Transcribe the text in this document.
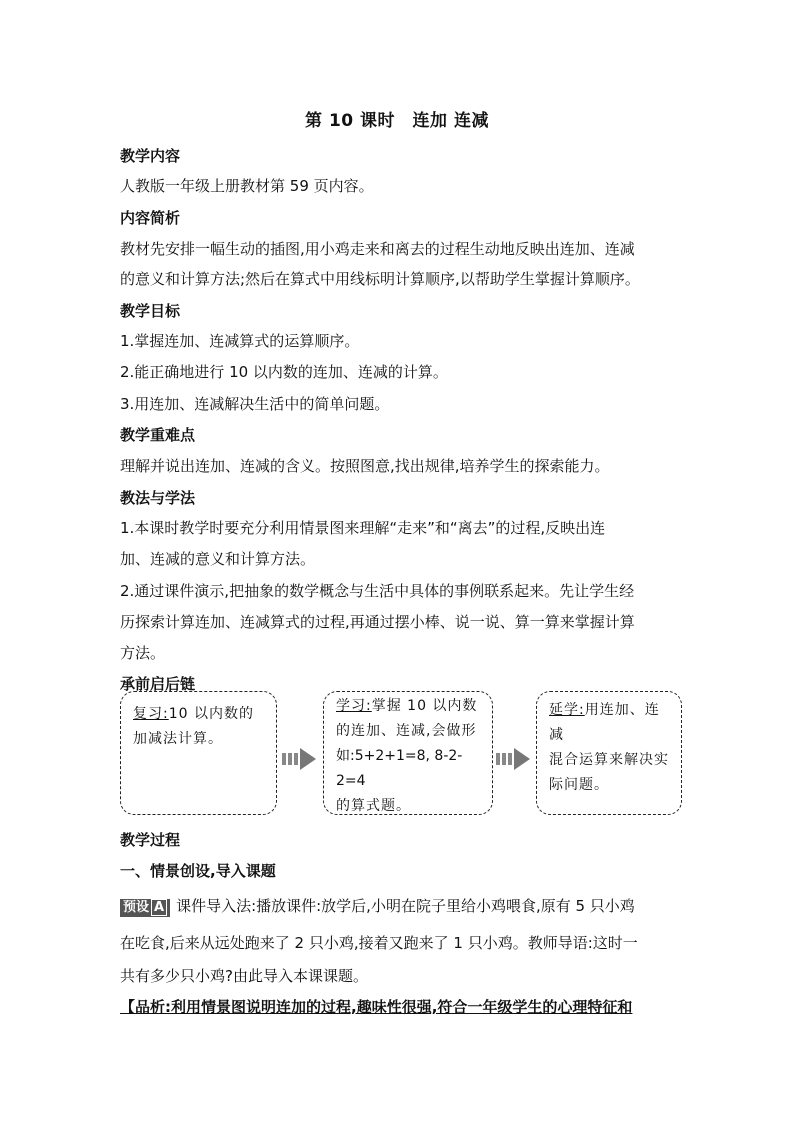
第 10 课时　连加 连减
教学内容
人教版一年级上册教材第 59 页内容。
内容简析
教材先安排一幅生动的插图,用小鸡走来和离去的过程生动地反映出连加、连减
的意义和计算方法;然后在算式中用线标明计算顺序,以帮助学生掌握计算顺序。
教学目标
1.掌握连加、连减算式的运算顺序。
2.能正确地进行 10 以内数的连加、连减的计算。
3.用连加、连减解决生活中的简单问题。
教学重难点
理解并说出连加、连减的含义。按照图意,找出规律,培养学生的探索能力。
教法与学法
1.本课时教学时要充分利用情景图来理解“走来”和“离去”的过程,反映出连
加、连减的意义和计算方法。
2.通过课件演示,把抽象的数学概念与生活中具体的事例联系起来。先让学生经
历探索计算连加、连减算式的过程,再通过摆小棒、说一说、算一算来掌握计算
方法。
承前启后链
复习:10 以内数的
加减法计算。
学习:掌握 10 以内数
的连加、连减,会做形
如:5+2+1=8, 8-2-2=4
的算式题。
延学:用连加、连减
混合运算来解决实
际问题。
教学过程
一、情景创设,导入课题
预设 A 课件导入法:播放课件:放学后,小明在院子里给小鸡喂食,原有 5 只小鸡
在吃食,后来从远处跑来了 2 只小鸡,接着又跑来了 1 只小鸡。教师导语:这时一
共有多少只小鸡?由此导入本课课题。
【品析:利用情景图说明连加的过程,趣味性很强,符合一年级学生的心理特征和
